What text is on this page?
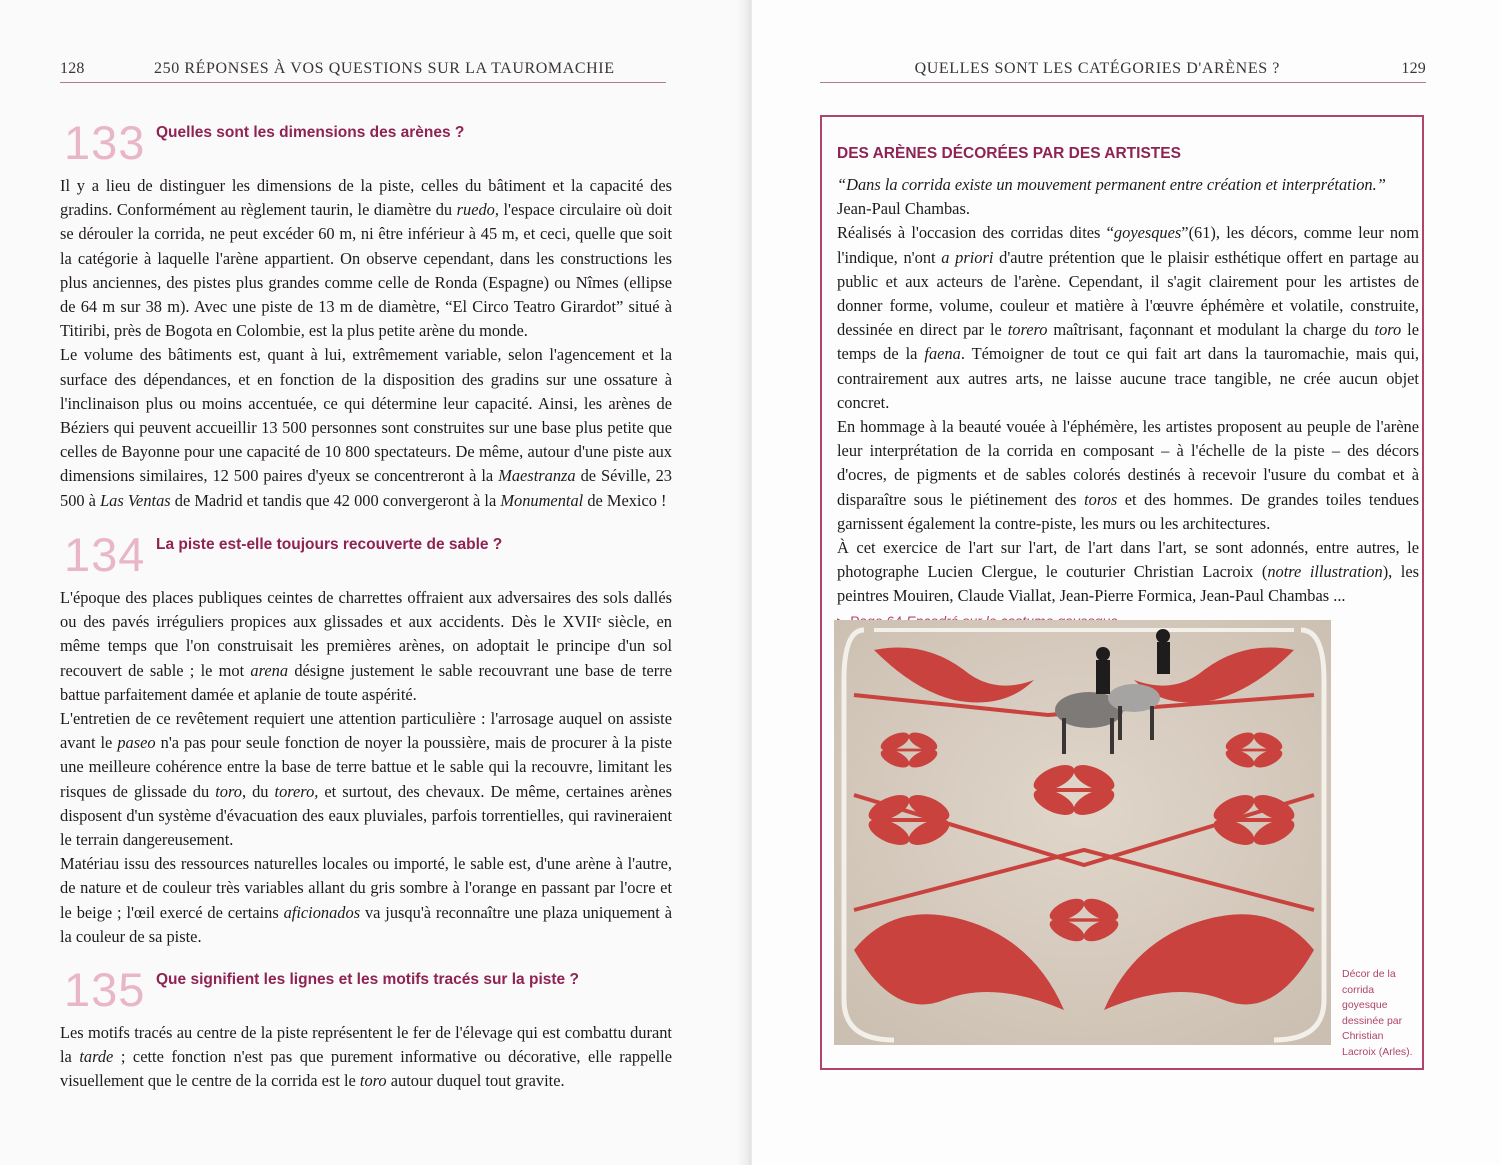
128	250 RÉPONSES À VOS QUESTIONS SUR LA TAUROMACHIE
133 Quelles sont les dimensions des arènes ?

Il y a lieu de distinguer les dimensions de la piste, celles du bâtiment et la capacité des gradins. Conformément au règlement taurin, le diamètre du ruedo, l'espace circulaire où doit se dérouler la corrida, ne peut excéder 60 m, ni être inférieur à 45 m, et ceci, quelle que soit la catégorie à laquelle l'arène appartient. On observe cependant, dans les constructions les plus anciennes, des pistes plus grandes comme celle de Ronda (Espagne) ou Nîmes (ellipse de 64 m sur 38 m). Avec une piste de 13 m de diamètre, “El Circo Teatro Girardot” situé à Titiribi, près de Bogota en Colombie, est la plus petite arène du monde.

Le volume des bâtiments est, quant à lui, extrêmement variable, selon l'agencement et la surface des dépendances, et en fonction de la disposition des gradins sur une ossature à l'inclinaison plus ou moins accentuée, ce qui détermine leur capacité. Ainsi, les arènes de Béziers qui peuvent accueillir 13 500 personnes sont construites sur une base plus petite que celles de Bayonne pour une capacité de 10 800 spectateurs. De même, autour d'une piste aux dimensions similaires, 12 500 paires d'yeux se concentreront à la Maestranza de Séville, 23 500 à Las Ventas de Madrid et tandis que 42 000 convergeront à la Monumental de Mexico !

134 La piste est-elle toujours recouverte de sable ?

L'époque des places publiques ceintes de charrettes offraient aux adversaires des sols dallés ou des pavés irréguliers propices aux glissades et aux accidents. Dès le XVIIᵉ siècle, en même temps que l'on construisait les premières arènes, on adoptait le principe d'un sol recouvert de sable ; le mot arena désigne justement le sable recouvrant une base de terre battue parfaitement damée et aplanie de toute aspérité.

L'entretien de ce revêtement requiert une attention particulière : l'arrosage auquel on assiste avant le paseo n'a pas pour seule fonction de noyer la poussière, mais de procurer à la piste une meilleure cohérence entre la base de terre battue et le sable qui la recouvre, limitant les risques de glissade du toro, du torero, et surtout, des chevaux. De même, certaines arènes disposent d'un système d'évacuation des eaux pluviales, parfois torrentielles, qui ravineraient le terrain dangereusement.

Matériau issu des ressources naturelles locales ou importé, le sable est, d'une arène à l'autre, de nature et de couleur très variables allant du gris sombre à l'orange en passant par l'ocre et le beige ; l'œil exercé de certains aficionados va jusqu'à reconnaître une plaza uniquement à la couleur de sa piste.

135 Que signifient les lignes et les motifs tracés sur la piste ?

Les motifs tracés au centre de la piste représentent le fer de l'élevage qui est combattu durant la tarde ; cette fonction n'est pas que purement informative ou décorative, elle rappelle visuellement que le centre de la corrida est le toro autour duquel tout gravite.

QUELLES SONT LES CATÉGORIES D'ARÈNES ?	129
DES ARÈNES DÉCORÉES PAR DES ARTISTES

“Dans la corrida existe un mouvement permanent entre création et interprétation.”

Jean-Paul Chambas.

Réalisés à l'occasion des corridas dites “goyesques”(61), les décors, comme leur nom l'indique, n'ont a priori d'autre prétention que le plaisir esthétique offert en partage au public et aux acteurs de l'arène. Cependant, il s'agit clairement pour les artistes de donner forme, volume, couleur et matière à l'œuvre éphémère et volatile, construite, dessinée en direct par le torero maîtrisant, façonnant et modulant la charge du toro le temps de la faena. Témoigner de tout ce qui fait art dans la tauromachie, mais qui, contrairement aux autres arts, ne laisse aucune trace tangible, ne crée aucun objet concret.

En hommage à la beauté vouée à l'éphémère, les artistes proposent au peuple de l'arène leur interprétation de la corrida en composant – à l'échelle de la piste – des décors d'ocres, de pigments et de sables colorés destinés à recevoir l'usure du combat et à disparaître sous le piétinement des toros et des hommes. De grandes toiles tendues garnissent également la contre-piste, les murs ou les architectures.

À cet exercice de l'art sur l'art, de l'art dans l'art, se sont adonnés, entre autres, le photographe Lucien Clergue, le couturier Christian Lacroix (notre illustration), les peintres Mouiren, Claude Viallat, Jean-Pierre Formica, Jean-Paul Chambas ...

Décor de la corrida goyesque dessinée par Christian Lacroix (Arles).
